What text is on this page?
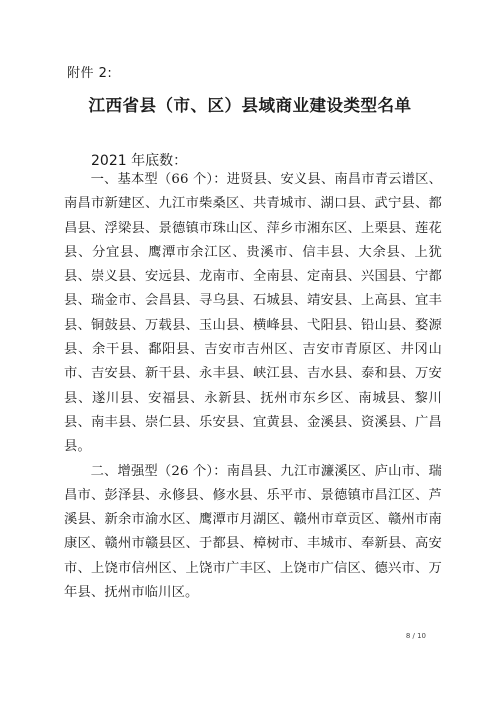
附件 2:
江西省县（市、区）县域商业建设类型名单
2021 年底数：

一、基本型（66 个）：进贤县、安义县、南昌市青云谱区、南昌市新建区、九江市柴桑区、共青城市、湖口县、武宁县、都昌县、浮梁县、景德镇市珠山区、萍乡市湘东区、上栗县、莲花县、分宜县、鹰潭市余江区、贵溪市、信丰县、大余县、上犹县、崇义县、安远县、龙南市、全南县、定南县、兴国县、宁都县、瑞金市、会昌县、寻乌县、石城县、靖安县、上高县、宜丰县、铜鼓县、万载县、玉山县、横峰县、弋阳县、铅山县、婺源县、余干县、鄱阳县、吉安市吉州区、吉安市青原区、井冈山市、吉安县、新干县、永丰县、峡江县、吉水县、泰和县、万安县、遂川县、安福县、永新县、抚州市东乡区、南城县、黎川县、南丰县、崇仁县、乐安县、宜黄县、金溪县、资溪县、广昌县。

二、增强型（26 个）：南昌县、九江市濂溪区、庐山市、瑞昌市、彭泽县、永修县、修水县、乐平市、景德镇市昌江区、芦溪县、新余市渝水区、鹰潭市月湖区、赣州市章贡区、赣州市南康区、赣州市赣县区、于都县、樟树市、丰城市、奉新县、高安市、上饶市信州区、上饶市广丰区、上饶市广信区、德兴市、万年县、抚州市临川区。

8 / 10
